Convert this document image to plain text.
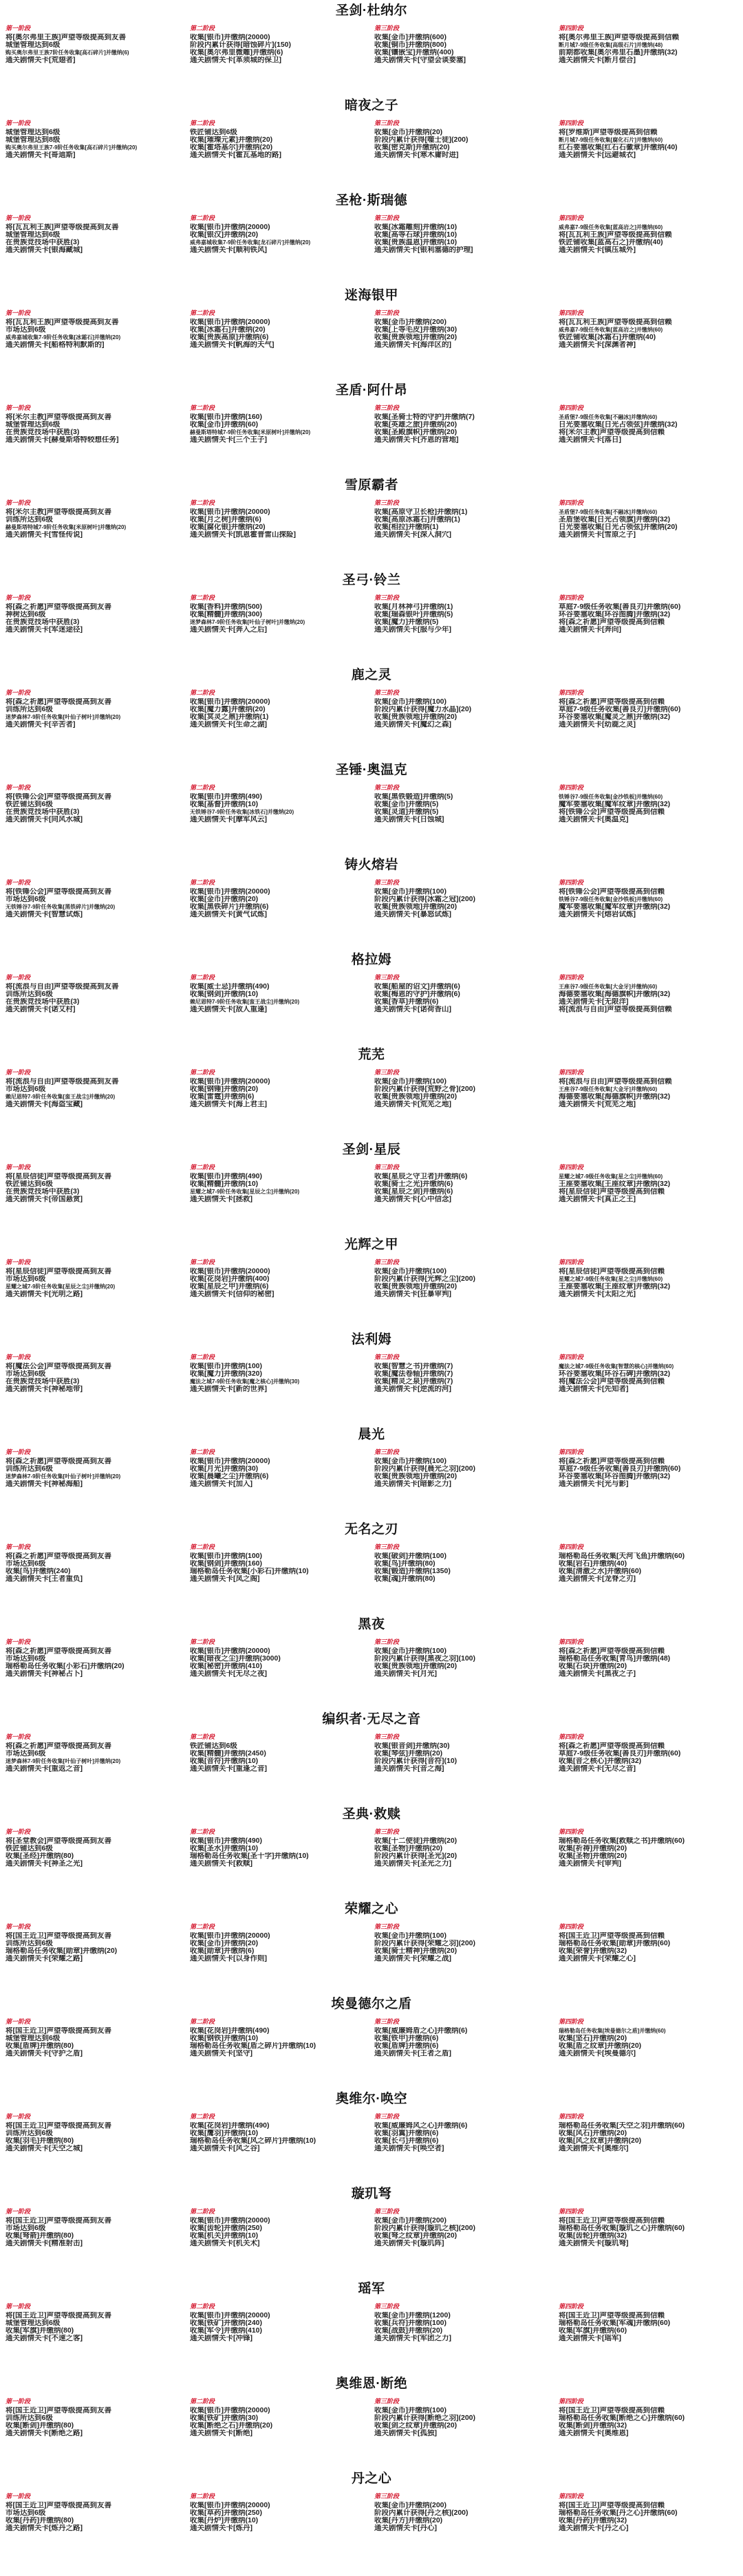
圣剑·杜纳尔
第一阶段
将[奥尔弗里王族]声望等级提高到友善
城堡管理达到6级
购买奥尔弗里王族7阶任务收集[高石碎片]并缴纳(6)
通关剧情关卡[荒翅者]
第二阶段
收集[银币]并缴纳(20000)
阶段内累计获得[暗蚀碎片](150)
收集[奥尔弗里微雕]并缴纳(6)
通关剧情关卡[革须城的保卫]
第三阶段
收集[金币]并缴纳(600)
收集[铜币]并缴纳(800)
收集[镶嵌宝]并缴纳(400)
通关剧情关卡[守望会谈要塞]
第四阶段
将[奥尔弗里王族]声望等级提高到信赖
断月城7-9级任务收集[高级石片]并缴纳(48)
前期都收集[奥尔弗里石墨]并缴纳(32)
通关剧情关卡[断月偿合]
暗夜之子
第一阶段
城堡管理达到6级
城堡管理达到8级
购买奥尔弗里王族7-9阶任务收集[高石碎片]并缴纳(20)
通关剧情关卡[哥迪斯]
第二阶段
铁匠铺达到6级
收集[璀璨元素]并缴纳(20)
收集[霍塔基尔]并缴纳(20)
通关剧情关卡[霍瓦基地的路]
第三阶段
收集[金币]并缴纳(20)
阶段内累计获得[噬士徒](200)
收集[密克斯]并缴纳(20)
通关剧情关卡[寒木庸时进]
第四阶段
将[罗维斯]声望等级提高到信赖
断月城7-9级任务收集[腐化石片]并缴纳(60)
红石要塞收集[红石石徽章]并缴纳(40)
通关剧情关卡[远避城衣]
圣枪·斯瑞德
第一阶段
将[瓦瓦利王族]声望等级提高到友善
城堡管理达到6级
在贵族竞技场中获胜(3)
通关剧情关卡[银海藏城]
第二阶段
收集[银币]并缴纳(20000)
收集[银汉]并缴纳(20)
威弗嘉城收集7-9阶任务收集[龙石碎片]并缴纳(20)
通关剧情关卡[顺利铁风]
第三阶段
收集[冰霜雕刻]并缴纳(10)
收集[高等石球]并缴纳(10)
收集[贵族温恩]并缴纳(10)
通关剧情关卡[银利塞德的护理]
第四阶段
威弗嘉7-9级任务收集[蓝高岩之]并缴纳(60)
将[瓦瓦利王族]声望等级提高到信赖
铁匠铺收集[蓝高石之]并缴纳(40)
通关剧情关卡[镇压城外]
迷海银甲
第一阶段
将[瓦瓦利王族]声望等级提高到友善
市场达到6级
威弗嘉城收集7-9阶任务收集[冰霜石]并缴纳(20)
通关剧情关卡[船格特利默斯的]
第二阶段
收集[银币]并缴纳(20000)
收集[冰霜石]并缴纳(20)
收集[贵族高原]并缴纳(6)
通关剧情关卡[帆海的天气]
第三阶段
收集[金币]并缴纳(200)
收集[上等毛皮]并缴纳(30)
收集[贵族领地]并缴纳(20)
通关剧情关卡[海洋区的]
第四阶段
将[瓦瓦利王族]声望等级提高到信赖
威弗嘉7-9级任务收集[蓝高岩之]并缴纳(60)
铁匠铺收集[冰霜石]并缴纳(40)
通关剧情关卡[深渊者神]
圣盾·阿什昂
第一阶段
将[米尔主教]声望等级提高到友善
城堡管理达到6级
在贵族竞技场中获胜(3)
通关剧情关卡[赫曼斯塔特较想任务]
第二阶段
收集[银币]并缴纳(160)
收集[金币]并缴纳(60)
赫曼斯塔特城7-9阶任务收集[米原树叶]并缴纳(20)
通关剧情关卡[三个王子]
第三阶段
收集[圣骑士特的守护]并缴纳(7)
收集[英雄之旅]并缴纳(20)
收集[圣殿旗帜]并缴纳(20)
通关剧情关卡[齐恩的营地]
第四阶段
圣盾堡7-9级任务收集[不融冰]并缴纳(60)
日光要塞收集[日光占领弦]并缴纳(32)
将[米尔主教]声望等级提高到信赖
通关剧情关卡[落日]
雪原霸者
第一阶段
将[米尔主教]声望等级提高到友善
训练所达到6级
赫曼斯塔特城7-9阶任务收集[米原树叶]并缴纳(20)
通关剧情关卡[雪怪传说]
第二阶段
收集[银币]并缴纳(20000)
收集[月之树]并缴纳(6)
收集[腐化银]并缴纳(20)
通关剧情关卡[凯恩霍普雷山探险]
第三阶段
收集[高原守卫长枪]并缴纳(1)
收集[高原冰霜石]并缴纳(1)
收集[相拉]并缴纳(1)
通关剧情关卡[深入洞穴]
第四阶段
圣盾堡7-9级任务收集[不融冰]并缴纳(60)
圣盾堡收集[日光占领旗]并缴纳(32)
日光要塞收集[日光占领弦]并缴纳(20)
通关剧情关卡[雪原之子]
圣弓·铃兰
第一阶段
将[森之祈愿]声望等级提高到友善
神树达到6级
在贵族竞技场中获胜(3)
通关剧情关卡[军迷途径]
第二阶段
收集[香料]并缴纳(500)
收集[精髓]并缴纳(300)
迷梦森林7-9阶任务收集[叶仙子树叶]并缴纳(20)
通关剧情关卡[奔入之后]
第三阶段
收集[月林神弓]并缴纳(1)
收集[瑞森银叶]并缴纳(5)
收集[魔力]并缴纳(5)
通关剧情关卡[服与少年]
第四阶段
草庭7-9级任务收集[善良刃]并缴纳(60)
环谷要塞收集[环谷图腾]并缴纳(32)
将[森之祈愿]声望等级提高到信赖
通关剧情关卡[奔向]
鹿之灵
第一阶段
将[森之祈愿]声望等级提高到友善
训练所达到6级
迷梦森林7-9阶任务收集[叶仙子树叶]并缴纳(20)
通关剧情关卡[辛苦者]
第二阶段
收集[银币]并缴纳(20000)
收集[魔力露]并缴纳(20)
收集[冥灵之鼎]并缴纳(1)
通关剧情关卡[生命之湖]
第三阶段
收集[金币]并缴纳(100)
阶段内累计获得[魔力水晶](20)
收集[贵族领地]并缴纳(20)
通关剧情关卡[魔幻之森]
第四阶段
将[森之祈愿]声望等级提高到信赖
草庭7-9级任务收集[善良刃]并缴纳(60)
环谷要塞收集[魔灵之鼎]并缴纳(32)
通关剧情关卡[幼鹿之灵]
圣锤·奥温克
第一阶段
将[铁锤公会]声望等级提高到友善
铁匠铺达到6级
在贵族竞技场中获胜(3)
通关剧情关卡[同风水城]
第二阶段
收集[银币]并缴纳(490)
收集[基督]并缴纳(10)
无铁锤谷7-9阶任务收集[冰铁石]并缴纳(20)
通关剧情关卡[摩军风云]
第三阶段
收集[黑铁锻造]并缴纳(5)
收集[金币]并缴纳(5)
收集[灵道]并缴纳(5)
通关剧情关卡[日蚀城]
第四阶段
铁锤谷7-9级任务收集[金沙铁板]并缴纳(60)
魔军要塞收集[魔军纹章]并缴纳(32)
将[铁锤公会]声望等级提高到信赖
通关剧情关卡[奥温克]
铸火熔岩
第一阶段
将[铁锤公会]声望等级提高到友善
市场达到6级
无铁锤谷7-9阶任务收集[黑铁碎片]并缴纳(20)
通关剧情关卡[智慧试炼]
第二阶段
收集[银币]并缴纳(20000)
收集[金币]并缴纳(20)
收集[黑铁碎片]并缴纳(6)
通关剧情关卡[黄气试炼]
第三阶段
收集[金币]并缴纳(100)
阶段内累计获得[冰霜之冠](200)
收集[贵族领地]并缴纳(20)
通关剧情关卡[暴怒试炼]
第四阶段
将[铁锤公会]声望等级提高到信赖
铁锤谷7-9级任务收集[金沙铁板]并缴纳(60)
魔军要塞收集[魔军纹章]并缴纳(32)
通关剧情关卡[熔岩试炼]
格拉姆
第一阶段
将[流浪与自由]声望等级提高到友善
训练所达到6级
在贵族竞技场中获胜(3)
通关剧情关卡[诺艾村]
第二阶段
收集[威士忌]并缴纳(490)
收集[钢剑]并缴纳(10)
赖尼恩特7-9阶任务收集[蛮王战尘]并缴纳(20)
通关剧情关卡[敌人重逢]
第三阶段
收集[船屋的诏文]并缴纳(6)
收集[梅恩的守护]并缴纳(6)
收集[香草]并缴纳(6)
通关剧情关卡[诺荷香山]
第四阶段
王座谷7-9级任务收集[大金牙]并缴纳(60)
海德要塞收集[海德旗帜]并缴纳(32)
通关剧情关卡[无限洋]
将[流浪与自由]声望等级提高到信赖
荒芜
第一阶段
将[流浪与自由]声望等级提高到友善
市场达到6级
赖尼恩特7-9阶任务收集[蛮王战尘]并缴纳(20)
通关剧情关卡[海盗宝藏]
第二阶段
收集[银币]并缴纳(20000)
收集[钢锤]并缴纳(20)
收集[雷霆]并缴纳(6)
通关剧情关卡[海上君主]
第三阶段
收集[金币]并缴纳(100)
阶段内累计获得[荒野之骨](200)
收集[贵族领地]并缴纳(20)
通关剧情关卡[荒芜之地]
第四阶段
将[流浪与自由]声望等级提高到信赖
王座谷7-9级任务收集[大金牙]并缴纳(60)
海德要塞收集[海德旗帜]并缴纳(32)
通关剧情关卡[荒芜之地]
圣剑·星辰
第一阶段
将[星辰信徒]声望等级提高到友善
铁匠铺达到6级
在贵族竞技场中获胜(3)
通关剧情关卡[帝国悬赏]
第二阶段
收集[银币]并缴纳(490)
收集[精髓]并缴纳(10)
星耀之城7-9阶任务收集[星辰之尘]并缴纳(20)
通关剧情关卡[拯救]
第三阶段
收集[星辰之守卫者]并缴纳(6)
收集[骑士之光]并缴纳(6)
收集[星辰之剑]并缴纳(6)
通关剧情关卡[心中信念]
第四阶段
星耀之城7-9级任务收集[星之尘]并缴纳(60)
王座要塞收集[王座纹章]并缴纳(32)
将[星辰信徒]声望等级提高到信赖
通关剧情关卡[真正之王]
光辉之甲
第一阶段
将[星辰信徒]声望等级提高到友善
市场达到6级
星耀之城7-9阶任务收集[星辰之尘]并缴纳(20)
通关剧情关卡[光明之路]
第二阶段
收集[银币]并缴纳(20000)
收集[花岗岩]并缴纳(400)
收集[星辰之甲]并缴纳(6)
通关剧情关卡[信仰的秘密]
第三阶段
收集[金币]并缴纳(100)
阶段内累计获得[光辉之尘](200)
收集[贵族领地]并缴纳(20)
通关剧情关卡[狂暴审判]
第四阶段
将[星辰信徒]声望等级提高到信赖
星耀之城7-9级任务收集[星之尘]并缴纳(60)
王座要塞收集[王座纹章]并缴纳(32)
通关剧情关卡[太阳之光]
法利姆
第一阶段
将[魔法公会]声望等级提高到友善
市场达到6级
在贵族竞技场中获胜(3)
通关剧情关卡[神秘地带]
第二阶段
收集[银币]并缴纳(100)
收集[魔力]并缴纳(320)
魔法之城7-9阶任务收集[魔之核心]并缴纳(30)
通关剧情关卡[新的世界]
第三阶段
收集[智慧之书]并缴纳(7)
收集[魔法卷轴]并缴纳(7)
收集[精灵之泉]并缴纳(7)
通关剧情关卡[逆流的河]
第四阶段
魔法之城7-9级任务收集[智慧的核心]并缴纳(60)
环谷要塞收集[环谷石碑]并缴纳(32)
将[魔法公会]声望等级提高到信赖
通关剧情关卡[先知者]
晨光
第一阶段
将[森之祈愿]声望等级提高到友善
训练所达到6级
迷梦森林7-9阶任务收集[叶仙子树叶]并缴纳(20)
通关剧情关卡[神秘海船]
第二阶段
收集[银币]并缴纳(20000)
收集[月光]并缴纳(30)
收集[晨曦之尘]并缴纳(6)
通关剧情关卡[加入]
第三阶段
收集[金币]并缴纳(100)
阶段内累计获得[晨光之羽](200)
收集[贵族领地]并缴纳(20)
通关剧情关卡[暗影之力]
第四阶段
将[森之祈愿]声望等级提高到信赖
草庭7-9级任务收集[善良刃]并缴纳(60)
环谷要塞收集[环谷图腾]并缴纳(32)
通关剧情关卡[光与影]
无名之刃
第一阶段
将[森之祈愿]声望等级提高到友善
市场达到6级
收集[鸟]并缴纳(240)
通关剧情关卡[王者重负]
第二阶段
收集[银币]并缴纳(100)
收集[钢剑]并缴纳(160)
瑞格勒岛任务收集[小彩石]并缴纳(10)
通关剧情关卡[凤之阁]
第三阶段
收集[破剑]并缴纳(100)
收集[鸟]并缴纳(80)
收集[锻造]并缴纳(1350)
收集[魂]并缴纳(80)
第四阶段
瑞格勒岛任务收集[天河飞鱼]并缴纳(60)
收集[岩石]并缴纳(40)
收集[清澈之水]并缴纳(60)
通关剧情关卡[龙脊之刃]
黑夜
第一阶段
将[森之祈愿]声望等级提高到友善
市场达到6级
瑞格勒岛任务收集[小彩石]并缴纳(20)
通关剧情关卡[神秘占卜]
第二阶段
收集[银币]并缴纳(20000)
收集[暗夜之尘]并缴纳(3000)
收集[秘密]并缴纳(410)
通关剧情关卡[无尽之夜]
第三阶段
收集[金币]并缴纳(100)
阶段内累计获得[黑夜之羽](100)
收集[贵族领地]并缴纳(20)
通关剧情关卡[月光]
第四阶段
将[森之祈愿]声望等级提高到信赖
瑞格勒岛任务收集[青鸟]并缴纳(48)
收集[石块]并缴纳(20)
通关剧情关卡[黑夜之子]
编织者·无尽之音
第一阶段
将[森之祈愿]声望等级提高到友善
市场达到6级
迷梦森林7-9阶任务收集[叶仙子树叶]并缴纳(20)
通关剧情关卡[重返之音]
第二阶段
铁匠铺达到6级
收集[精髓]并缴纳(2450)
收集[音符]并缴纳(10)
通关剧情关卡[重逢之音]
第三阶段
收集[银音剑]并缴纳(30)
收集[琴弦]并缴纳(20)
阶段内累计获得[音符](10)
通关剧情关卡[音之海]
第四阶段
将[森之祈愿]声望等级提高到信赖
草庭7-9级任务收集[善良刃]并缴纳(60)
收集[音之核心]并缴纳(32)
通关剧情关卡[无尽之音]
圣典·救赎
第一阶段
将[圣堂教会]声望等级提高到友善
铁匠铺达到6级
收集[圣经]并缴纳(80)
通关剧情关卡[神圣之光]
第二阶段
收集[银币]并缴纳(490)
收集[圣水]并缴纳(10)
瑞格勒岛任务收集[圣十字]并缴纳(10)
通关剧情关卡[救赎]
第三阶段
收集[十二使徒]并缴纳(20)
收集[圣物]并缴纳(20)
阶段内累计获得[圣光](20)
通关剧情关卡[圣光之力]
第四阶段
瑞格勒岛任务收集[救赎之书]并缴纳(60)
收集[祈祷]并缴纳(20)
收集[圣物]并缴纳(20)
通关剧情关卡[审判]
荣耀之心
第一阶段
将[国王近卫]声望等级提高到友善
训练所达到6级
瑞格勒岛任务收集[勋章]并缴纳(20)
通关剧情关卡[荣耀之路]
第二阶段
收集[银币]并缴纳(20000)
收集[金币]并缴纳(20)
收集[勋章]并缴纳(6)
通关剧情关卡[以身作则]
第三阶段
收集[金币]并缴纳(100)
阶段内累计获得[荣耀之羽](200)
收集[骑士精神]并缴纳(20)
通关剧情关卡[荣耀之战]
第四阶段
将[国王近卫]声望等级提高到信赖
瑞格勒岛任务收集[勋章]并缴纳(60)
收集[荣誉]并缴纳(32)
通关剧情关卡[荣耀之心]
埃曼德尔之盾
第一阶段
将[国王近卫]声望等级提高到友善
城堡管理达到6级
收集[盾牌]并缴纳(80)
通关剧情关卡[守护之盾]
第二阶段
收集[花岗岩]并缴纳(490)
收集[钢铁]并缴纳(10)
瑞格勒岛任务收集[盾之碎片]并缴纳(10)
通关剧情关卡[坚守]
第三阶段
收集[威廉姆盾之心]并缴纳(6)
收集[铁甲]并缴纳(6)
收集[盾牌]并缴纳(6)
通关剧情关卡[王者之盾]
第四阶段
瑞格勒岛任务收集[埃曼德尔之盾]并缴纳(60)
收集[坚石]并缴纳(20)
收集[盾之纹章]并缴纳(20)
通关剧情关卡[埃曼德尔]
奥维尔·唤空
第一阶段
将[国王近卫]声望等级提高到友善
训练所达到6级
收集[羽毛]并缴纳(80)
通关剧情关卡[天空之城]
第二阶段
收集[花岗岩]并缴纳(490)
收集[鹰羽]并缴纳(10)
瑞格勒岛任务收集[风之碎片]并缴纳(10)
通关剧情关卡[风之谷]
第三阶段
收集[威廉姆风之心]并缴纳(6)
收集[羽翼]并缴纳(6)
收集[长弓]并缴纳(6)
通关剧情关卡[唤空者]
第四阶段
瑞格勒岛任务收集[天空之羽]并缴纳(60)
收集[风石]并缴纳(20)
收集[风之纹章]并缴纳(20)
通关剧情关卡[奥维尔]
璇玑弩
第一阶段
将[国王近卫]声望等级提高到友善
市场达到6级
收集[弩箭]并缴纳(80)
通关剧情关卡[精准射击]
第二阶段
收集[银币]并缴纳(20000)
收集[齿轮]并缴纳(250)
收集[机关]并缴纳(10)
通关剧情关卡[机关术]
第三阶段
收集[金币]并缴纳(200)
阶段内累计获得[璇玑之核](200)
收集[弩之纹章]并缴纳(20)
通关剧情关卡[璇玑阵]
第四阶段
将[国王近卫]声望等级提高到信赖
瑞格勒岛任务收集[璇玑之心]并缴纳(60)
收集[齿轮]并缴纳(32)
通关剧情关卡[璇玑弩]
瑶军
第一阶段
将[国王近卫]声望等级提高到友善
城堡管理达到6级
收集[军旗]并缴纳(80)
通关剧情关卡[不速之客]
第二阶段
收集[银币]并缴纳(20000)
收集[铁矿]并缴纳(240)
收集[军令]并缴纳(410)
通关剧情关卡[冲锋]
第三阶段
收集[金币]并缴纳(1200)
收集[兵符]并缴纳(100)
收集[战鼓]并缴纳(20)
通关剧情关卡[军团之力]
第四阶段
将[国王近卫]声望等级提高到信赖
瑞格勒岛任务收集[军魂]并缴纳(60)
收集[军旗]并缴纳(60)
通关剧情关卡[瑶军]
奥维恩·断绝
第一阶段
将[国王近卫]声望等级提高到友善
训练所达到6级
收集[断剑]并缴纳(80)
通关剧情关卡[断绝之路]
第二阶段
收集[银币]并缴纳(20000)
收集[铁矿]并缴纳(30)
收集[断绝之石]并缴纳(20)
通关剧情关卡[断绝]
第三阶段
收集[金币]并缴纳(100)
阶段内累计获得[断绝之羽](200)
收集[剑之纹章]并缴纳(20)
通关剧情关卡[孤独]
第四阶段
将[国王近卫]声望等级提高到信赖
瑞格勒岛任务收集[断绝之心]并缴纳(60)
收集[断剑]并缴纳(32)
通关剧情关卡[奥维恩]
丹之心
第一阶段
将[国王近卫]声望等级提高到友善
市场达到6级
收集[丹药]并缴纳(80)
通关剧情关卡[炼丹之路]
第二阶段
收集[银币]并缴纳(20000)
收集[草药]并缴纳(250)
收集[丹炉]并缴纳(10)
通关剧情关卡[炼丹]
第三阶段
收集[金币]并缴纳(200)
阶段内累计获得[丹之核](200)
收集[丹方]并缴纳(20)
通关剧情关卡[丹心]
第四阶段
将[国王近卫]声望等级提高到信赖
瑞格勒岛任务收集[丹之心]并缴纳(60)
收集[丹药]并缴纳(32)
通关剧情关卡[丹之心]
